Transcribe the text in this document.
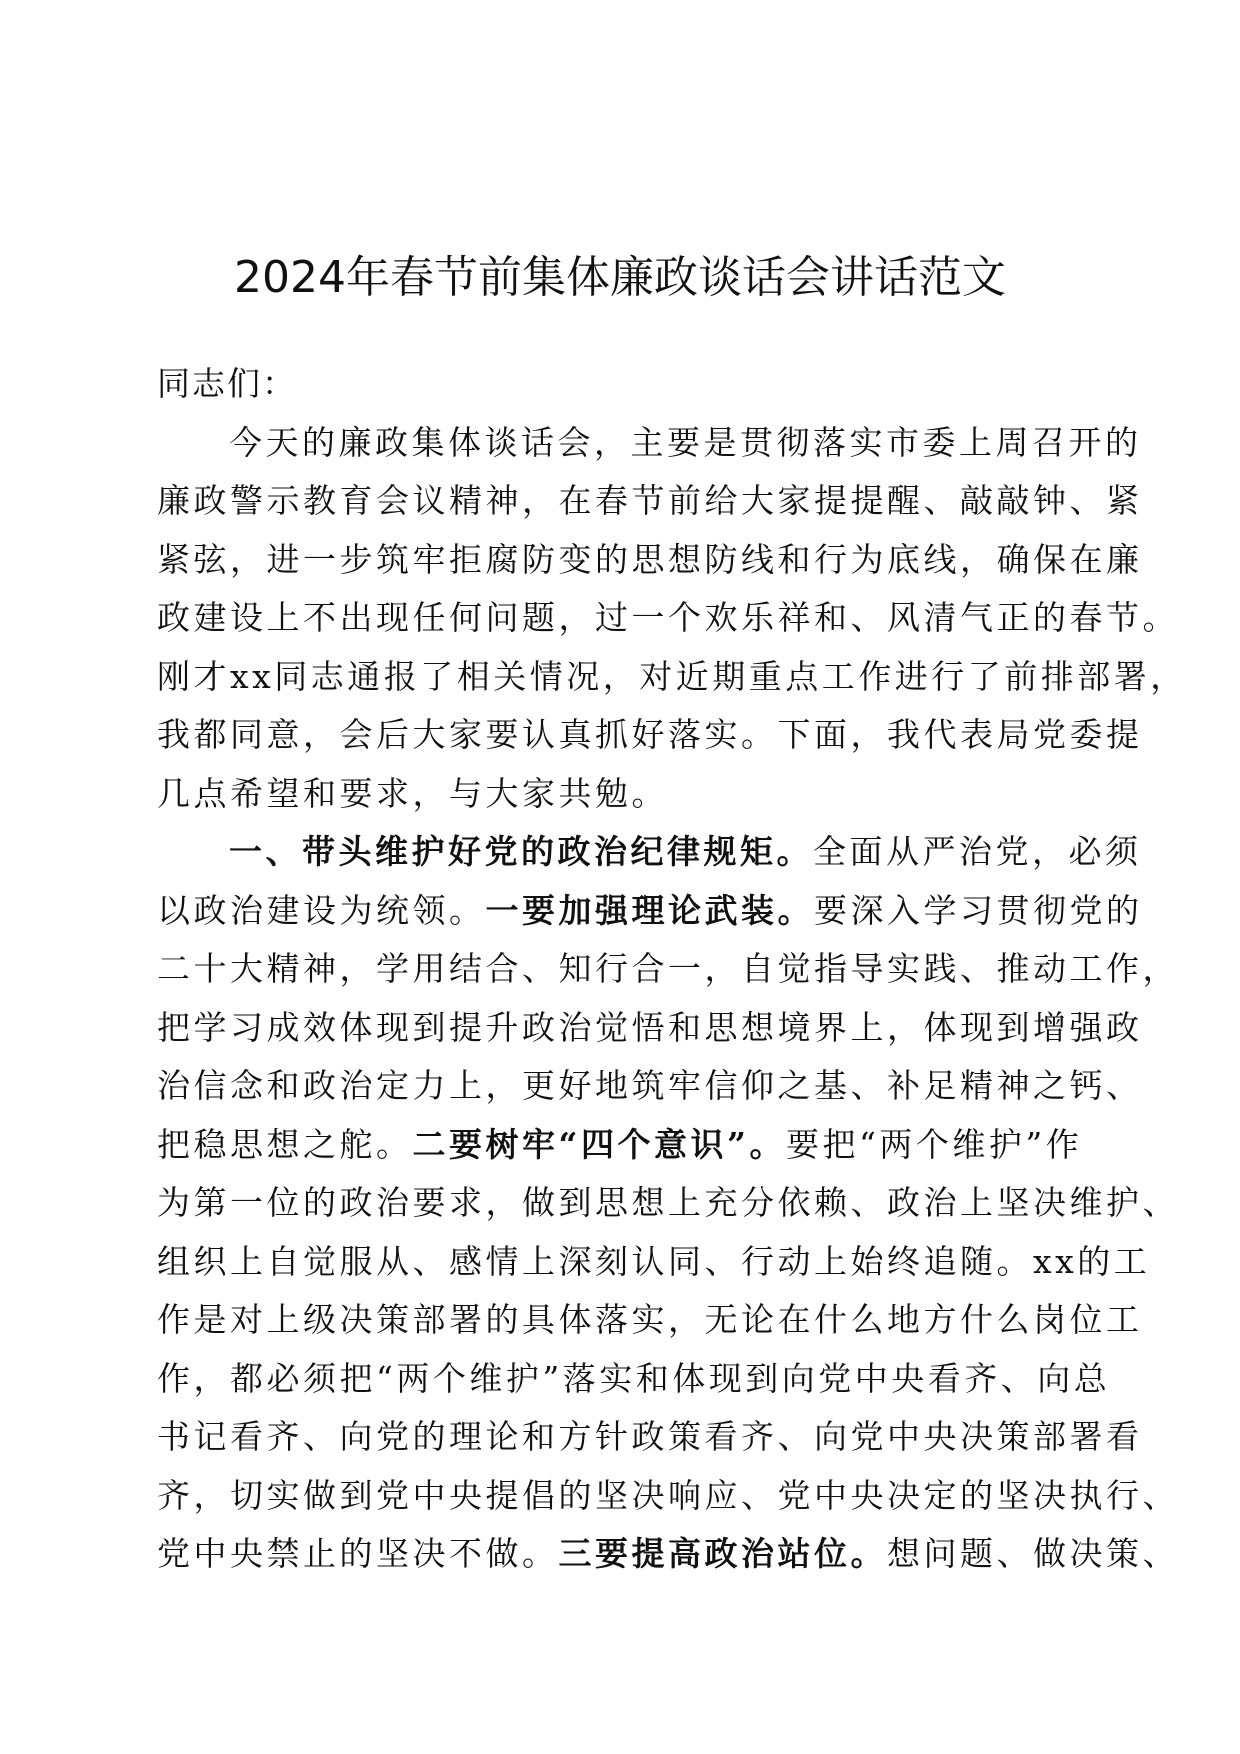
2024年春节前集体廉政谈话会讲话范文
同志们：
今天的廉政集体谈话会，主要是贯彻落实市委上周召开的
廉政警示教育会议精神，在春节前给大家提提醒、敲敲钟、紧
紧弦，进一步筑牢拒腐防变的思想防线和行为底线，确保在廉
政建设上不出现任何问题，过一个欢乐祥和、风清气正的春节。
刚才xx同志通报了相关情况，对近期重点工作进行了前排部署，
我都同意，会后大家要认真抓好落实。下面，我代表局党委提
几点希望和要求，与大家共勉。
一、带头维护好党的政治纪律规矩。全面从严治党，必须
以政治建设为统领。一要加强理论武装。要深入学习贯彻党的
二十大精神，学用结合、知行合一，自觉指导实践、推动工作，
把学习成效体现到提升政治觉悟和思想境界上，体现到增强政
治信念和政治定力上，更好地筑牢信仰之基、补足精神之钙、
把稳思想之舵。二要树牢“四个意识”。要把“两个维护”作
为第一位的政治要求，做到思想上充分依赖、政治上坚决维护、
组织上自觉服从、感情上深刻认同、行动上始终追随。xx的工
作是对上级决策部署的具体落实，无论在什么地方什么岗位工
作，都必须把“两个维护”落实和体现到向党中央看齐、向总
书记看齐、向党的理论和方针政策看齐、向党中央决策部署看
齐，切实做到党中央提倡的坚决响应、党中央决定的坚决执行、
党中央禁止的坚决不做。三要提高政治站位。想问题、做决策、
